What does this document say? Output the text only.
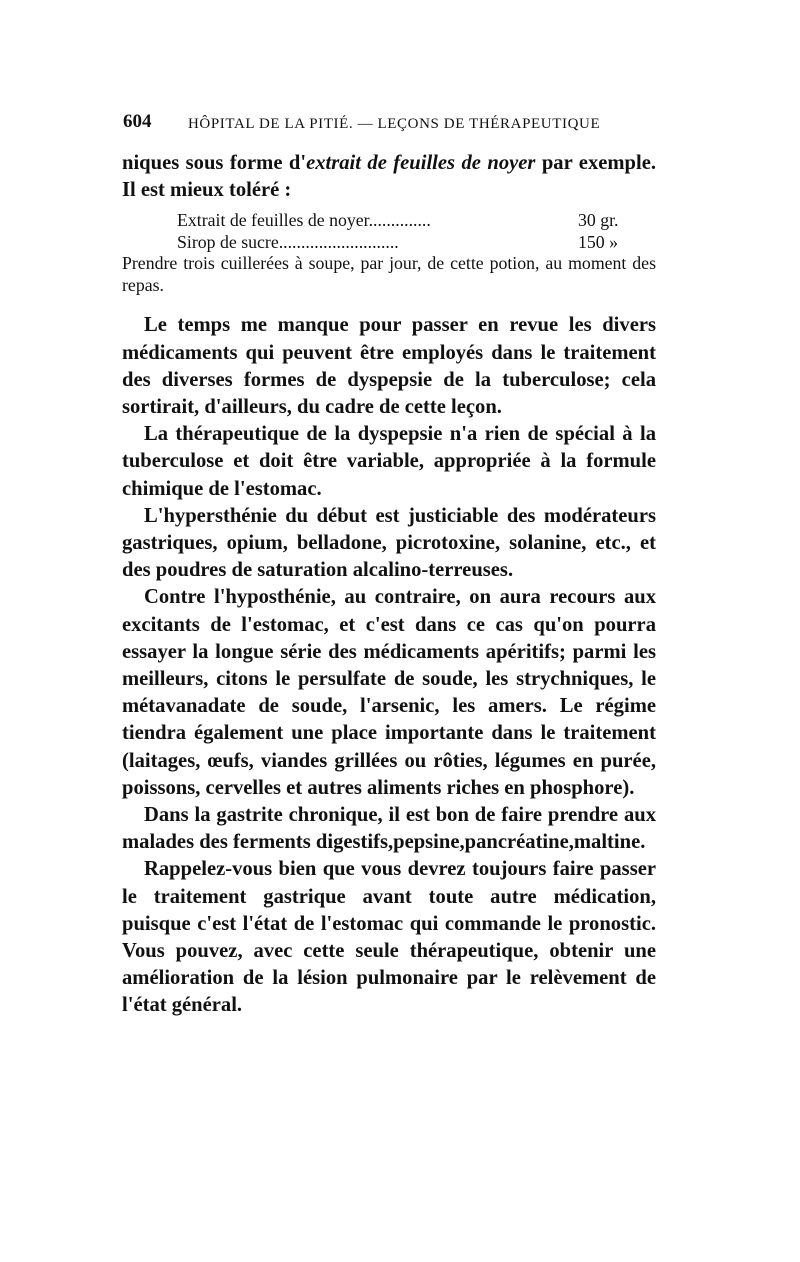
604 HÔPITAL DE LA PITIÉ. — LEÇONS DE THÉRAPEUTIQUE

niques sous forme d'extrait de feuilles de noyer par exemple. Il est mieux toléré :

Extrait de feuilles de noyer..............	30 gr.
Sirop de sucre...........................	150 »

Prendre trois cuillerées à soupe, par jour, de cette potion, au moment des repas.

Le temps me manque pour passer en revue les divers médicaments qui peuvent être employés dans le traitement des diverses formes de dyspepsie de la tuberculose; cela sortirait, d'ailleurs, du cadre de cette leçon.

La thérapeutique de la dyspepsie n'a rien de spécial à la tuberculose et doit être variable, appropriée à la formule chimique de l'estomac.

L'hypersthénie du début est justiciable des modérateurs gastriques, opium, belladone, picrotoxine, solanine, etc., et des poudres de saturation alcalino-terreuses.

Contre l'hyposthénie, au contraire, on aura recours aux excitants de l'estomac, et c'est dans ce cas qu'on pourra essayer la longue série des médicaments apéritifs; parmi les meilleurs, citons le persulfate de soude, les strychniques, le métavanadate de soude, l'arsenic, les amers. Le régime tiendra également une place importante dans le traitement (laitages, œufs, viandes grillées ou rôties, légumes en purée, poissons, cervelles et autres aliments riches en phosphore).

Dans la gastrite chronique, il est bon de faire prendre aux malades des ferments digestifs,pepsine,pancréatine,maltine.

Rappelez-vous bien que vous devrez toujours faire passer le traitement gastrique avant toute autre médication, puisque c'est l'état de l'estomac qui commande le pronostic. Vous pouvez, avec cette seule thérapeutique, obtenir une amélioration de la lésion pulmonaire par le relèvement de l'état général.
